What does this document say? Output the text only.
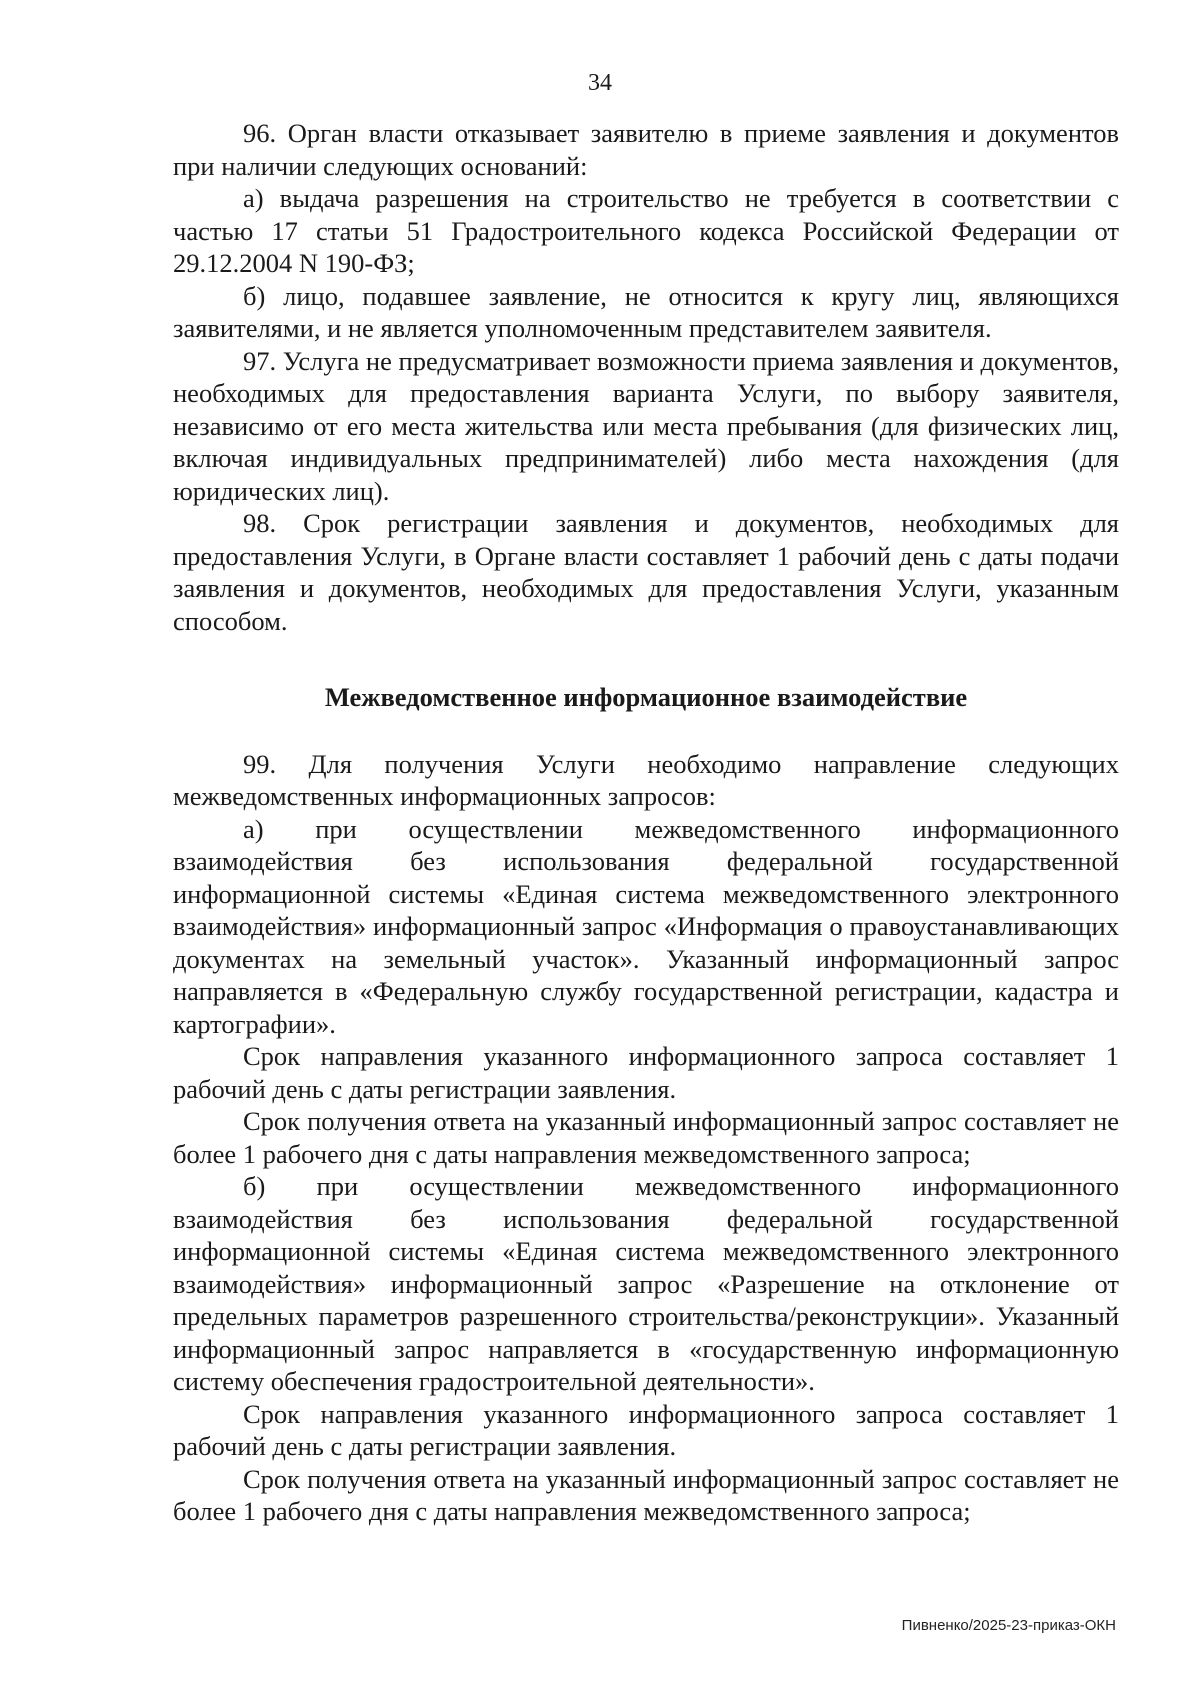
34

96. Орган власти отказывает заявителю в приеме заявления и документов при наличии следующих оснований:

а) выдача разрешения на строительство не требуется в соответствии с частью 17 статьи 51 Градостроительного кодекса Российской Федерации от 29.12.2004 N 190-ФЗ;

б) лицо, подавшее заявление, не относится к кругу лиц, являющихся заявителями, и не является уполномоченным представителем заявителя.

97. Услуга не предусматривает возможности приема заявления и документов, необходимых для предоставления варианта Услуги, по выбору заявителя, независимо от его места жительства или места пребывания (для физических лиц, включая индивидуальных предпринимателей) либо места нахождения (для юридических лиц).

98. Срок регистрации заявления и документов, необходимых для предоставления Услуги, в Органе власти составляет 1 рабочий день с даты подачи заявления и документов, необходимых для предоставления Услуги, указанным способом.

Межведомственное информационное взаимодействие

99. Для получения Услуги необходимо направление следующих межведомственных информационных запросов:

а) при осуществлении межведомственного информационного взаимодействия без использования федеральной государственной информационной системы «Единая система межведомственного электронного взаимодействия» информационный запрос «Информация о правоустанавливающих документах на земельный участок». Указанный информационный запрос направляется в «Федеральную службу государственной регистрации, кадастра и картографии».

Срок направления указанного информационного запроса составляет 1 рабочий день с даты регистрации заявления.

Срок получения ответа на указанный информационный запрос составляет не более 1 рабочего дня с даты направления межведомственного запроса;

б) при осуществлении межведомственного информационного взаимодействия без использования федеральной государственной информационной системы «Единая система межведомственного электронного взаимодействия» информационный запрос «Разрешение на отклонение от предельных параметров разрешенного строительства/реконструкции». Указанный информационный запрос направляется в «государственную информационную систему обеспечения градостроительной деятельности».

Срок направления указанного информационного запроса составляет 1 рабочий день с даты регистрации заявления.

Срок получения ответа на указанный информационный запрос составляет не более 1 рабочего дня с даты направления межведомственного запроса;

Пивненко/2025-23-приказ-ОКН
